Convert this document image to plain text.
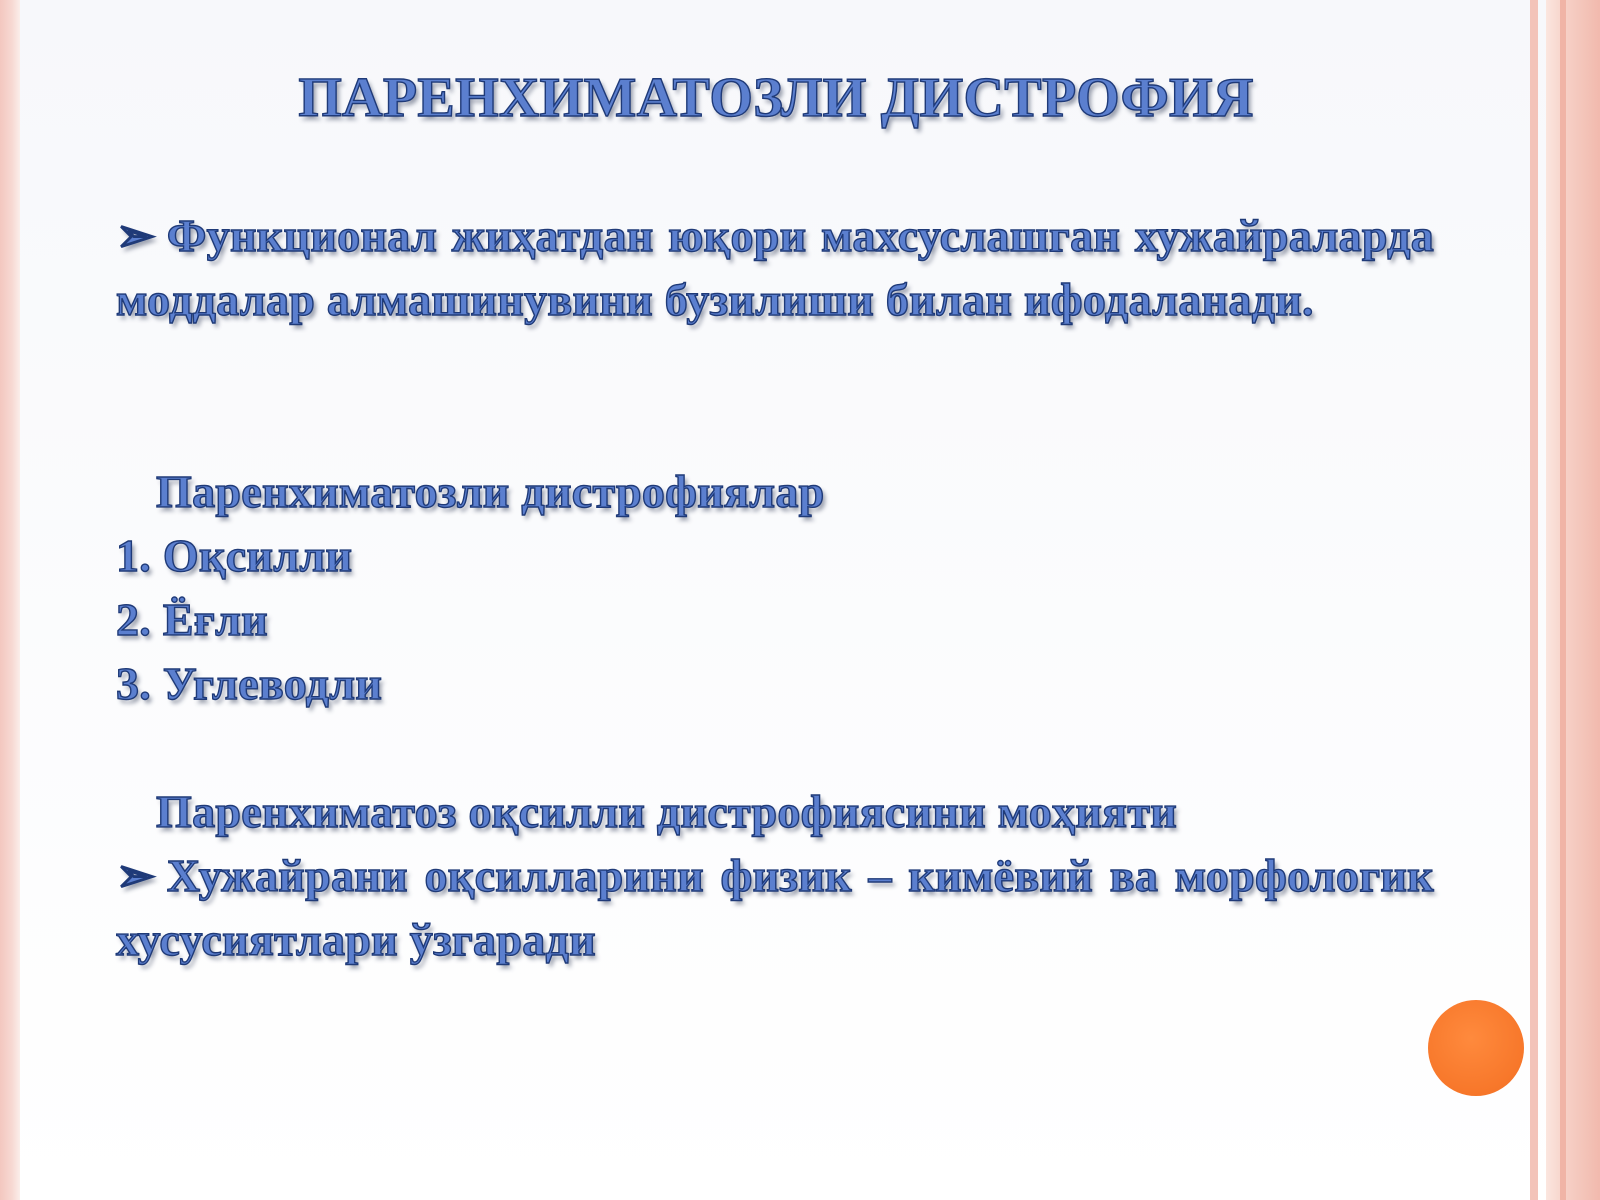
ПАРЕНХИМАТОЗЛИ ДИСТРОФИЯ
➢ Функционал жиҳатдан юқори махсуслашган хужайраларда моддалар алмашинувини бузилиши билан ифодаланади.
Паренхиматозли дистрофиялар
1. Оқсилли
2. Ёғли
3. Углеводли
Паренхиматоз оқсилли дистрофиясини моҳияти
➢ Хужайрани оқсилларини физик – кимёвий ва морфологик хусусиятлари ўзгаради
